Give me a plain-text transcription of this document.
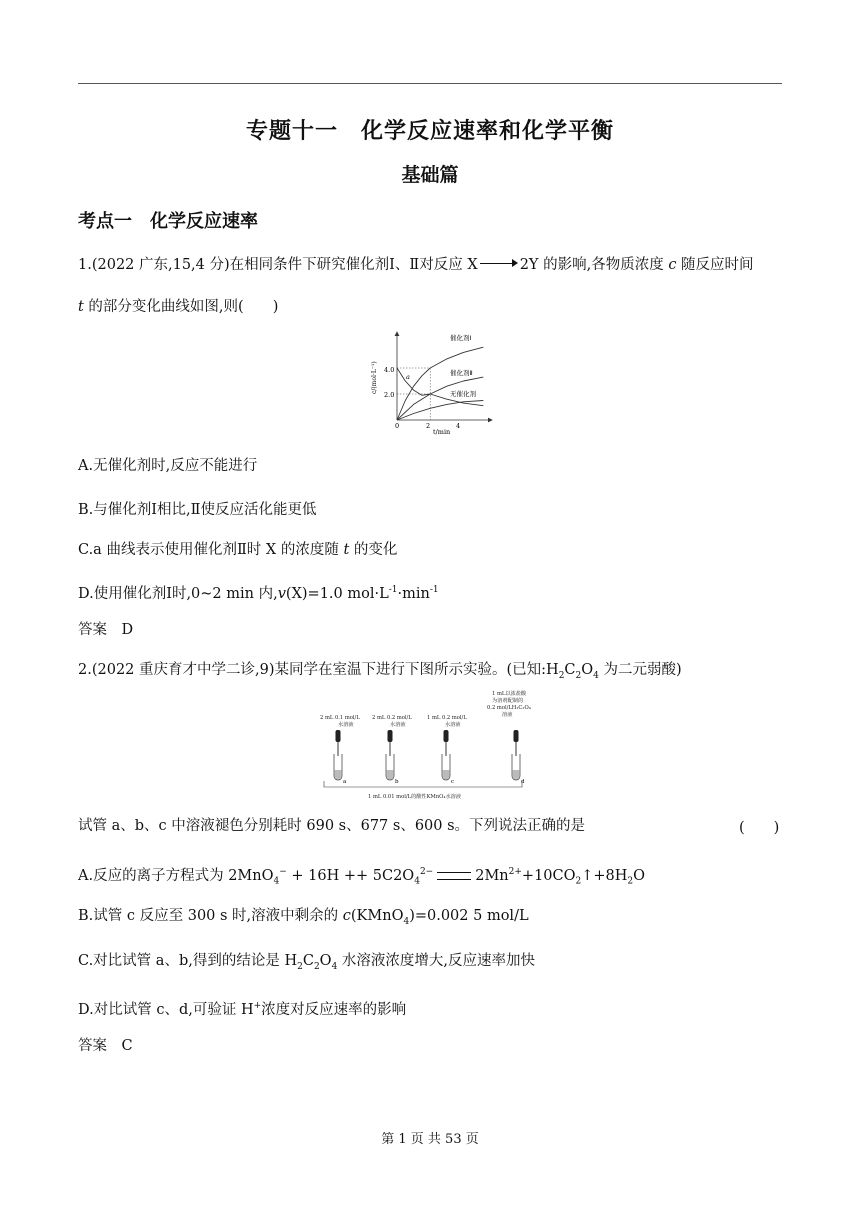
专题十一　化学反应速率和化学平衡
基础篇
考点一　化学反应速率
1.(2022 广东,15,4 分)在相同条件下研究催化剂Ⅰ、Ⅱ对反应 X	2Y 的影响,各物质浓度 c 随反应时间
t 的部分变化曲线如图,则(　　)
c/(mol·L⁻¹)
t/min
2.0
4.0
0	2	4
催化剂Ⅰ
催化剂Ⅱ
无催化剂
a
A.无催化剂时,反应不能进行
B.与催化剂Ⅰ相比,Ⅱ使反应活化能更低
C.a 曲线表示使用催化剂Ⅱ时 X 的浓度随 t 的变化
D.使用催化剂Ⅰ时,0~2 min 内,v(X)=1.0 $mol\cdot L^{-1}\cdot\min^{-1}$
答案　D
2.(2022 重庆育才中学二诊,9)某同学在室温下进行下图所示实验。(已知$:H_2C_2O_4$ 为二元弱酸)
2 mL 0.1 mol/L
水溶液
2 mL 0.2 mol/L
水溶液
1 mL 0.2 mol/L
水溶液
1 mL以浓盐酸
为溶剂配制的
0.2 mol/LH₂C₂O₄
溶液
1 mL 0.01 mol/L的酸性KMnO₄水溶液
a	b	c	d
试管 a、b、c 中溶液褪色分别耗时 690 s、677 s、600 s。下列说法正确的是	(　　)
A.反应的离子方程式为 $2MnO_4^- + 16H ++ 5C2O_4^{2-}$	$2Mn^{2+}+10CO_2↑+8H_2O$
B.试管 c 反应至 300 s 时,溶液中剩余的 c(KMnO$_4$)=0.002 5 mol/L
C.对比试管 a、b,得到的结论是 $H_2C_2O_4$ 水溶液浓度增大,反应速率加快
D.对比试管 c、d,可验证 H+浓度对反应速率的影响
答案　C
第 1 页 共 53 页
